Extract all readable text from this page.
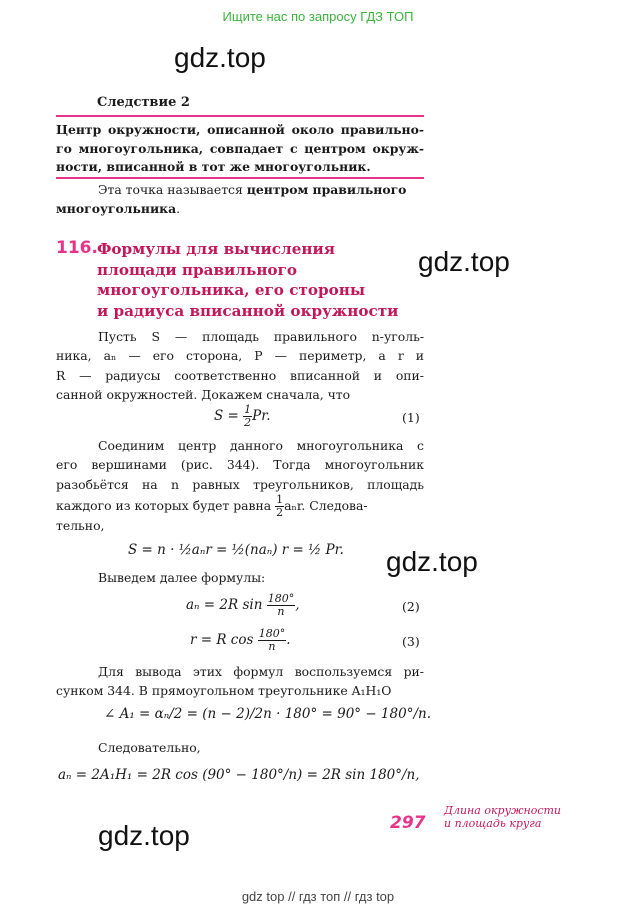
Ищите нас по запросу ГДЗ ТОП
gdz.top
gdz.top
gdz.top
gdz.top
Следствие 2
Центр окружности, описанной около правильно-
го многоугольника, совпадает с центром окруж-
ности, вписанной в тот же многоугольник.
Эта точка называется центром правильного многоугольника.
116. Формулы для вычисления
площади правильного
многоугольника, его стороны
и радиуса вписанной окружности
Пусть S — площадь правильного n-уголь-
ника, aₙ — его сторона, P — периметр, а r и
R — радиусы соответственно вписанной и опи-
санной окружностей. Докажем сначала, что
$S = \frac{1}{2} Pr$.	(1)
Соединим центр данного многоугольника с
его вершинами (рис. 344). Тогда многоугольник
разобьётся на n равных треугольников, площадь
каждого из которых будет равна $\frac{1}{2} a_nr$. Следова-
тельно,
S = n · ½aₙr = ½(naₙ) r = ½ Pr.
Выведем далее формулы:
aₙ = 2R $\sin \frac{180^\circ}{n}$ ,	(2)
r = R $\cos \frac{180^\circ}{n}$ .	(3)
Для вывода этих формул воспользуемся ри-
сунком 344. В прямоугольном треугольнике A₁H₁O
∠ A₁ = αₙ/2 = (n − 2)/2n · 180° = 90° − 180°/n.
Следовательно,
aₙ = 2A₁H₁ = 2R cos (90° − 180°/n) = 2R sin 180°/n,
297
Длина окружности
и площадь круга
gdz top // гдз топ // гдз top
